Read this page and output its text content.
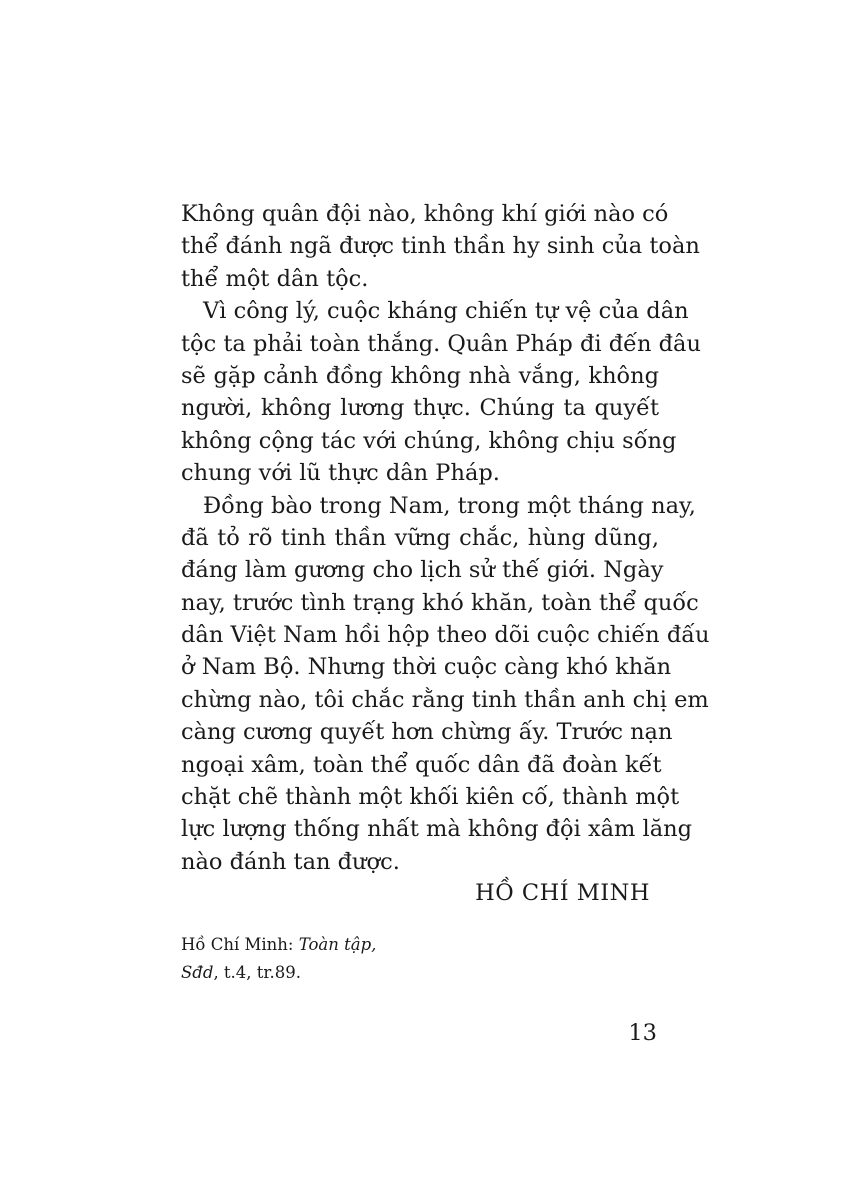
Không quân đội nào, không khí giới nào có
thể đánh ngã được tinh thần hy sinh của toàn
thể một dân tộc.
Vì công lý, cuộc kháng chiến tự vệ của dân
tộc ta phải toàn thắng. Quân Pháp đi đến đâu
sẽ gặp cảnh đồng không nhà vắng, không
người, không lương thực. Chúng ta quyết
không cộng tác với chúng, không chịu sống
chung với lũ thực dân Pháp.
Đồng bào trong Nam, trong một tháng nay,
đã tỏ rõ tinh thần vững chắc, hùng dũng,
đáng làm gương cho lịch sử thế giới. Ngày
nay, trước tình trạng khó khăn, toàn thể quốc
dân Việt Nam hồi hộp theo dõi cuộc chiến đấu
ở Nam Bộ. Nhưng thời cuộc càng khó khăn
chừng nào, tôi chắc rằng tinh thần anh chị em
càng cương quyết hơn chừng ấy. Trước nạn
ngoại xâm, toàn thể quốc dân đã đoàn kết
chặt chẽ thành một khối kiên cố, thành một
lực lượng thống nhất mà không đội xâm lăng
nào đánh tan được.
HỒ CHÍ MINH
Hồ Chí Minh: Toàn tập,
Sđd, t.4, tr.89.
13
